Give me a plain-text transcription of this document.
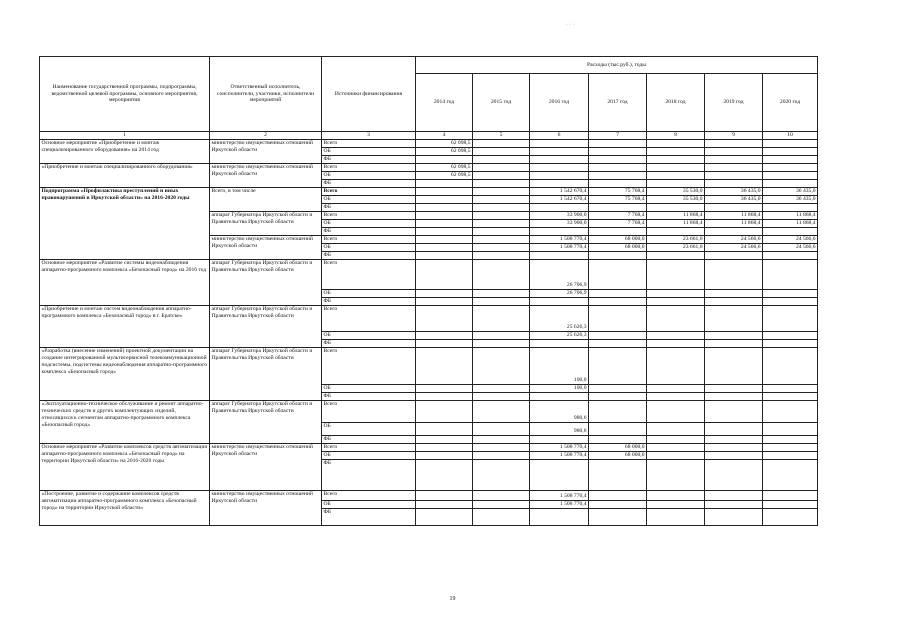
· · ·
Наименование государственной программы, подпрограммы, ведомственной целевой программы, основного мероприятия, мероприятия	Ответственный исполнитель, соисполнители, участники, исполнители мероприятий	Источники финансирования	Расходы (тыс.руб.), годы						
			2014 год	2015 год	2016 год	2017 год	2018 год	2019 год	2020 год
1	2	3	4	5	6	7	8	9	10
Основное мероприятие «Приобретение и монтаж специализированного оборудования» на 2014 год	министерство имущественных отношений Иркутской области	Всего	62 098,5						
		ОБ	62 098,5						
		ФБ							
«Приобретение и монтаж специализированного оборудования»	министерство имущественных отношений Иркутской области	Всего	62 098,5						
		ОБ	62 098,5						
		ФБ							
Подпрограмма «Профилактика преступлений и иных правонарушений в Иркутской области» на 2016-2020 годы	Всего, в том числе	Всего			1 542 670,4	75 768,4	35 530,0	36 435,0	36 435,0
		ОБ			1 542 670,4	75 768,4	35 530,0	36 435,0	36 435,0
		ФБ							
	аппарат Губернатора Иркутской области и Правительства Иркутской области	Всего			33 900,0	7 768,4	11 868,4	11 868,4	11 868,4
		ОБ			33 900,0	7 768,4	11 868,4	11 868,4	11 868,4
		ФБ							
	министерство имущественных отношений Иркутской области	Всего			1 508 770,4	68 000,0	23 661,6	24 566,6	24 566,6
		ОБ			1 508 770,4	68 000,0	23 661,6	24 566,6	24 566,6
		ФБ							
Основное мероприятие «Развитие системы видеонаблюдения аппаратно-программного комплекса «Безопасный город» на 2016 год	аппарат Губернатора Иркутской области и Правительства Иркутской области	Всего			26 706,9				
		ОБ			26 706,9				
		ФБ							
«Приобретение и монтаж систем видеонаблюдения аппаратно-программного комплекса «Безопасный город» в г. Братске»	аппарат Губернатора Иркутской области и Правительства Иркутской области	Всего			25 626,3				
		ОБ			25 626,3				
		ФБ							
«Разработка (внесение изменений) проектной документации на создание интегрированной мультисервисной телекоммуникационной подсистемы, подсистемы видеонаблюдения аппаратно-программного комплекса «Безопасный город»	аппарат Губернатора Иркутской области и Правительства Иркутской области	Всего			100,0				
		ОБ			100,0				
		ФБ							
«Эксплуатационно-техническое обслуживание и ремонт аппаратно-технических средств и других комплектующих изделий, относящихся к сегментам аппаратно-программного комплекса «Безопасный город»	аппарат Губернатора Иркутской области и Правительства Иркутской области	Всего			980,6				
		ОБ			980,6				
		ФБ							
Основное мероприятие «Развитие комплексов средств автоматизации аппаратно-программного комплекса «Безопасный город» на территории Иркутской области» на 2016-2020 годы	министерство имущественных отношений Иркутской области	Всего			1 508 770,4	68 000,0			
		ОБ			1 508 770,4	68 000,0			
		ФБ							
«Построение, развитие и содержание комплексов средств автоматизации аппаратно-программного комплекса «Безопасный город» на территории Иркутской области»	министерство имущественных отношений Иркутской области	Всего			1 508 770,4				
		ОБ			1 508 770,4				
		ФБ							
19
